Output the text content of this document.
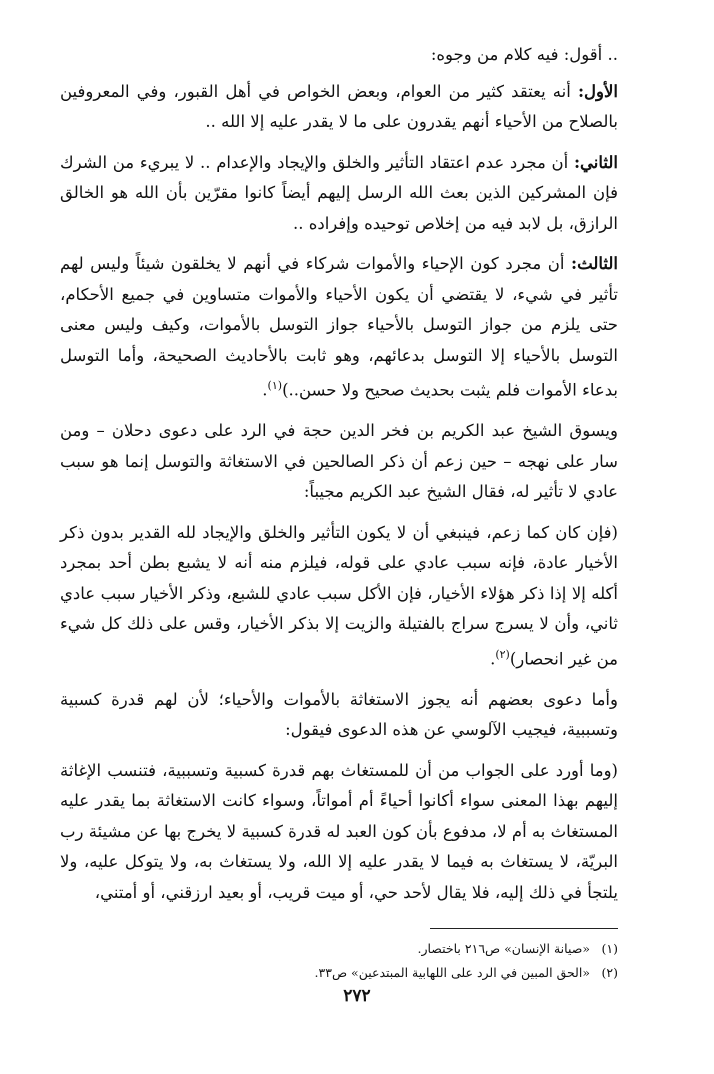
.. أقول: فيه كلام من وجوه:

الأول: أنه يعتقد كثير من العوام، وبعض الخواص في أهل القبور، وفي المعروفين بالصلاح من الأحياء أنهم يقدرون على ما لا يقدر عليه إلا الله ..

الثاني: أن مجرد عدم اعتقاد التأثير والخلق والإيجاد والإعدام .. لا يبريء من الشرك فإن المشركين الذين بعث الله الرسل إليهم أيضاً كانوا مقرّين بأن الله هو الخالق الرازق، بل لابد فيه من إخلاص توحيده وإفراده ..

الثالث: أن مجرد كون الإحياء والأموات شركاء في أنهم لا يخلقون شيئاً وليس لهم تأثير في شيء، لا يقتضي أن يكون الأحياء والأموات متساوين في جميع الأحكام، حتى يلزم من جواز التوسل بالأحياء جواز التوسل بالأموات، وكيف وليس معنى التوسل بالأحياء إلا التوسل بدعائهم، وهو ثابت بالأحاديث الصحيحة، وأما التوسل بدعاء الأموات فلم يثبت بحديث صحيح ولا حسن..)$^{(١)}$.

ويسوق الشيخ عبد الكريم بن فخر الدين حجة في الرد على دعوى دحلان – ومن سار على نهجه – حين زعم أن ذكر الصالحين في الاستغاثة والتوسل إنما هو سبب عادي لا تأثير له، فقال الشيخ عبد الكريم مجيباً:

(فإن كان كما زعم، فينبغي أن لا يكون التأثير والخلق والإيجاد لله القدير بدون ذكر الأخيار عادة، فإنه سبب عادي على قوله، فيلزم منه أنه لا يشبع بطن أحد بمجرد أكله إلا إذا ذكر هؤلاء الأخيار، فإن الأكل سبب عادي للشبع، وذكر الأخيار سبب عادي ثاني، وأن لا يسرج سراج بالفتيلة والزيت إلا بذكر الأخيار، وقس على ذلك كل شيء من غير انحصار)$^{(٢)}$.

وأما دعوى بعضهم أنه يجوز الاستغاثة بالأموات والأحياء؛ لأن لهم قدرة كسبية وتسببية، فيجيب الآلوسي عن هذه الدعوى فيقول:

(وما أورد على الجواب من أن للمستغاث بهم قدرة كسبية وتسببية، فتنسب الإغاثة إليهم بهذا المعنى سواء أكانوا أحياءً أم أمواتاً، وسواء كانت الاستغاثة بما يقدر عليه المستغاث به أم لا، مدفوع بأن كون العبد له قدرة كسبية لا يخرج بها عن مشيئة رب البريّة، لا يستغاث به فيما لا يقدر عليه إلا الله، ولا يستغاث به، ولا يتوكل عليه، ولا يلتجأ في ذلك إليه، فلا يقال لأحد حي، أو ميت قريب، أو بعيد ارزقني، أو أمتني،

(١)«صيانة الإنسان» ص٢١٦ باختصار.

(٢)«الحق المبين في الرد على اللهابية المبتدعين» ص٣٣.

٢٧٢
